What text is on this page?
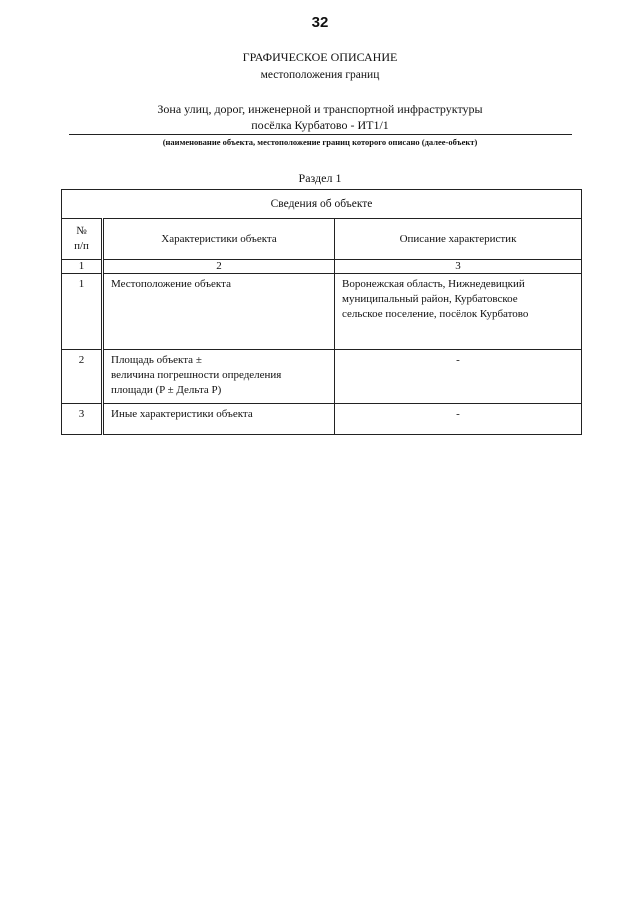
32
ГРАФИЧЕСКОЕ ОПИСАНИЕ
местоположения границ
Зона улиц, дорог, инженерной и транспортной инфраструктуры
посёлка Курбатово - ИТ1/1
(наименование объекта, местоположение границ которого описано (далее-объект)
Раздел 1
Сведения об объекте		

№
п/п	Характеристики объекта	Описание характеристик
1	2	3
1	Местоположение объекта	Воронежская область, Нижнедевицкий
муниципальный район, Курбатовское
сельское поселение, посёлок Курбатово

2	Площадь объекта ±
величина погрешности определения
площади (P ± Дельта P)	-
3	Иные характеристики объекта	-
